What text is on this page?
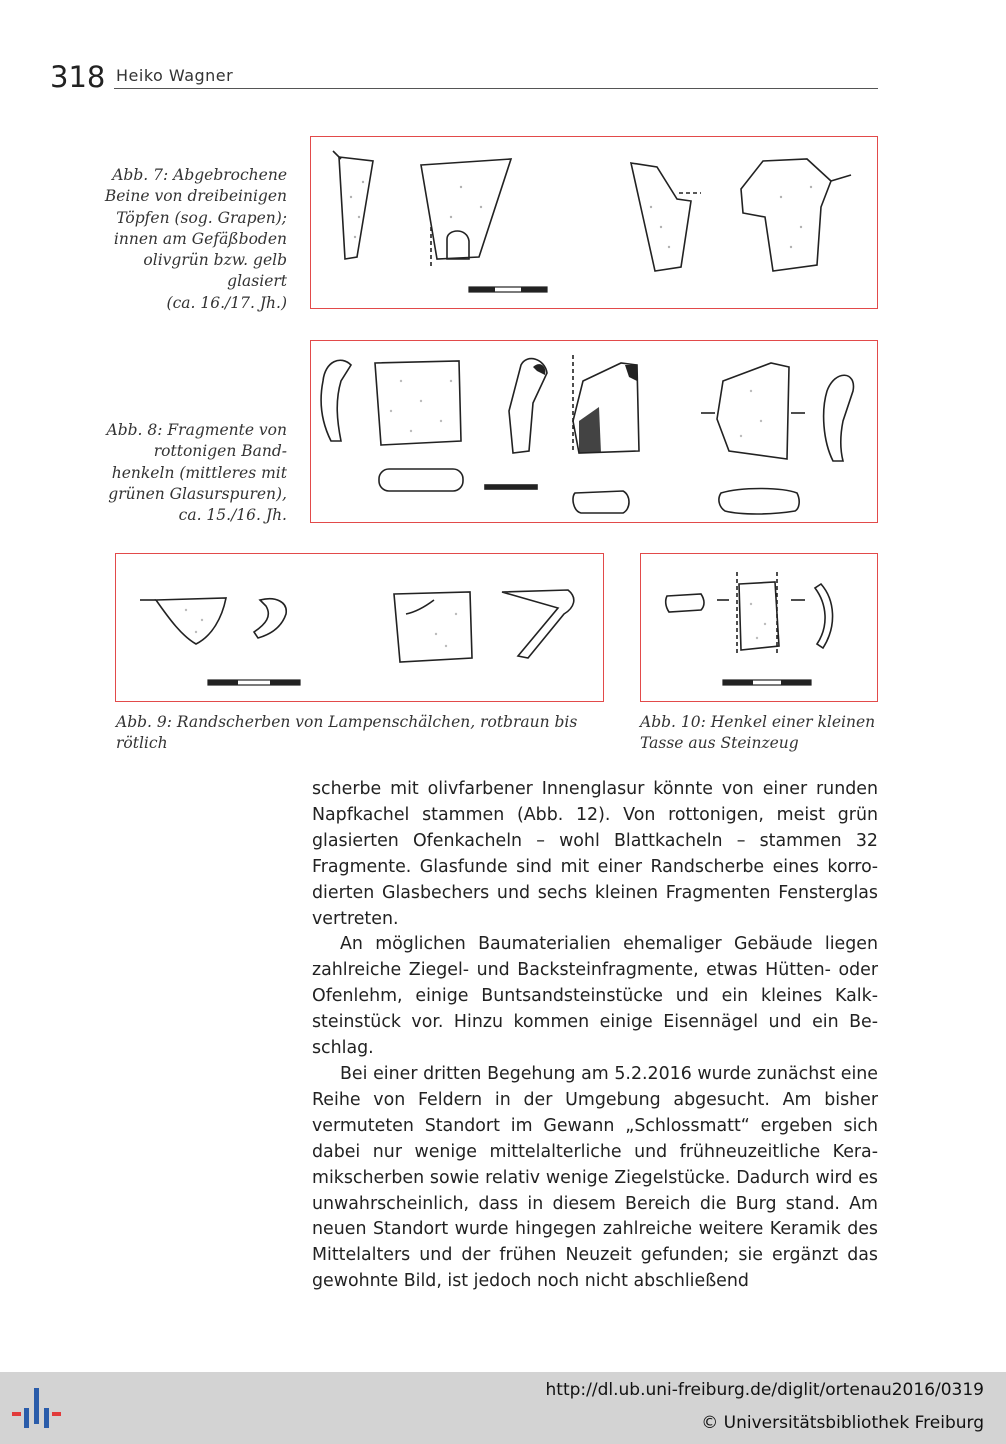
318 Heiko Wagner
Abb. 7: Abgebrochene
Beine von dreibeinigen
Töpfen (sog. Grapen);
innen am Gefäßboden
olivgrün bzw. gelb
glasiert
(ca. 16./17. Jh.)
Abb. 8: Fragmente von
rottonigen Band-
henkeln (mittleres mit
grünen Glasurspuren),
ca. 15./16. Jh.
Abb. 9: Randscherben von Lampenschälchen, rotbraun bis
rötlich
Abb. 10: Henkel einer kleinen
Tasse aus Steinzeug

scherbe mit olivfarbener Innenglasur könnte von einer runden Napfkachel stammen (Abb. 12). Von rottonigen, meist grün glasierten Ofenkacheln – wohl Blattkacheln – stammen 32 Fragmente. Glasfunde sind mit einer Randscherbe eines korrodierten Glasbechers und sechs kleinen Fragmenten Fensterglas vertreten.

An möglichen Baumaterialien ehemaliger Gebäude liegen zahlreiche Ziegel- und Backsteinfragmente, etwas Hütten- oder Ofenlehm, einige Buntsandsteinstücke und ein kleines Kalksteinstück vor. Hinzu kommen einige Eisennägel und ein Beschlag.

Bei einer dritten Begehung am 5.2.2016 wurde zunächst eine Reihe von Feldern in der Umgebung abgesucht. Am bisher vermuteten Standort im Gewann „Schlossmatt“ ergeben sich dabei nur wenige mittelalterliche und frühneuzeitliche Keramikscherben sowie relativ wenige Ziegelstücke. Dadurch wird es unwahrscheinlich, dass in diesem Bereich die Burg stand. Am neuen Standort wurde hingegen zahlreiche weitere Keramik des Mittelalters und der frühen Neuzeit gefunden; sie ergänzt das gewohnte Bild, ist jedoch noch nicht abschließend

http://dl.ub.uni-freiburg.de/diglit/ortenau2016/0319
© Universitätsbibliothek Freiburg
